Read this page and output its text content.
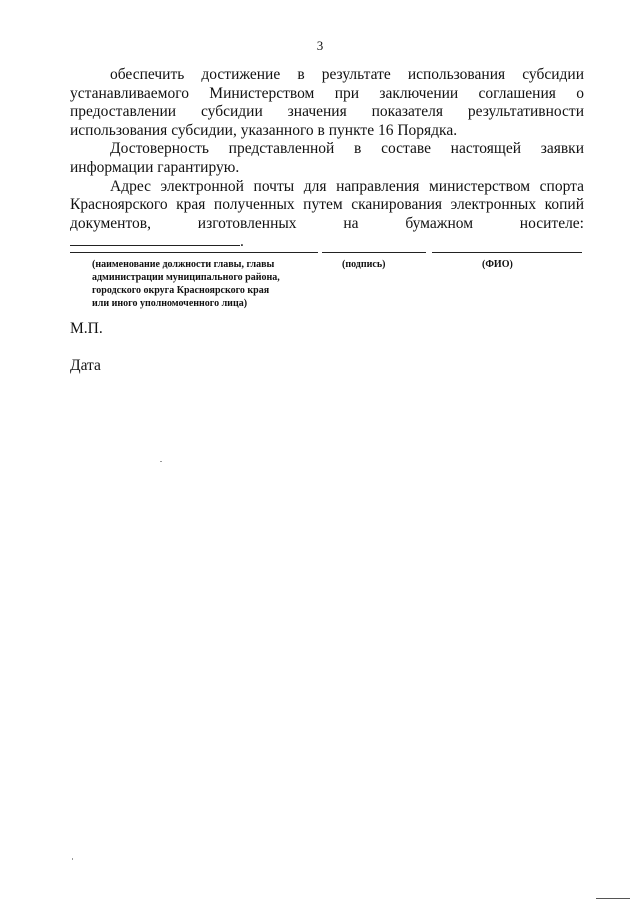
3

обеспечить достижение в результате использования субсидии устанавливаемого Министерством при заключении соглашения о предоставлении субсидии значения показателя результативности использования субсидии, указанного в пункте 16 Порядка.

Достоверность представленной в составе настоящей заявки информации гарантирую.

Адрес электронной почты для направления министерством спорта Красноярского края полученных путем сканирования электронных копий документов, изготовленных на бумажном носителе: .

(наименование должности главы, главы
администрации муниципального района,
городского округа Красноярского края
или иного уполномоченного лица)
(подпись)	(ФИО)
М.П.
Дата
